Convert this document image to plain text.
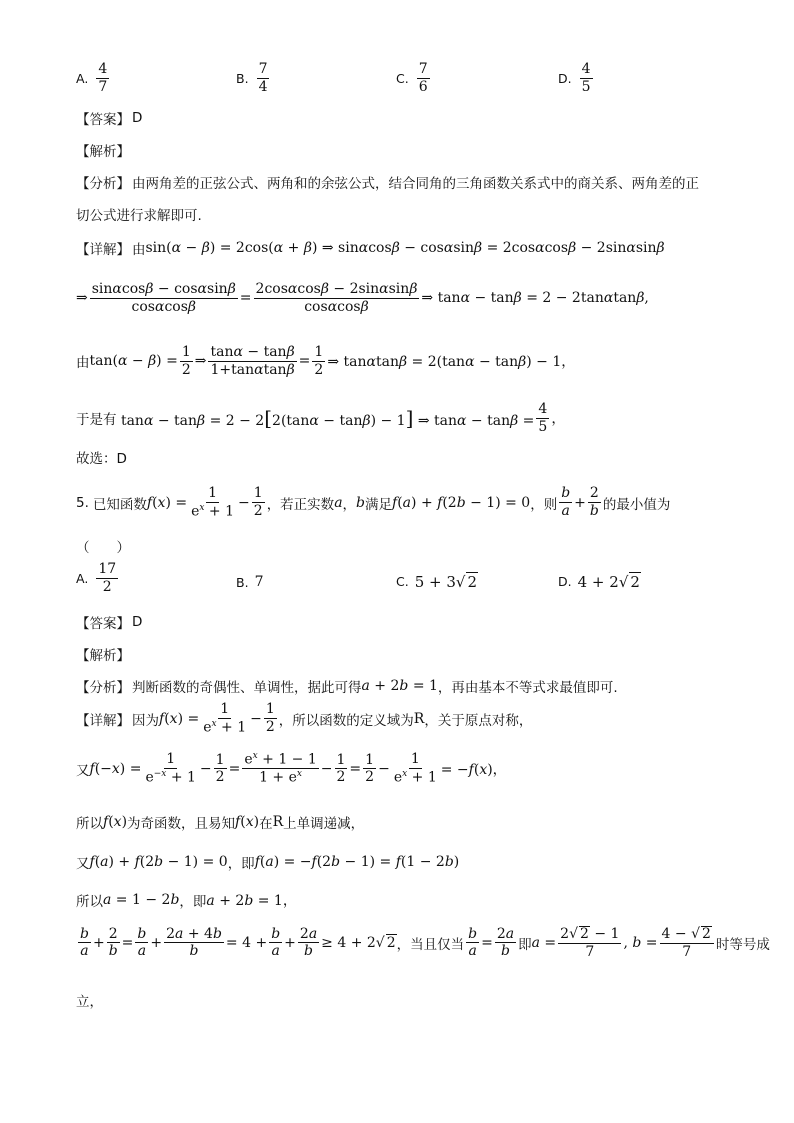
A. $\frac{4}{7}$	B. $\frac{7}{4}$	C. $\frac{7}{6}$	D. $\frac{4}{5}$
【答案】 D
【解析】
【分析】 由两角差的正弦公式、两角和的余弦公式，结合同角的三角函数关系式中的商关系、两角差的正
切公式进行求解即可.
【详解】 由 sin(α − β) = 2cos(α + β) ⇒ sinαcosβ − cosαsinβ = 2cosαcosβ − 2sinαsinβ
⇒ $\frac{\sin\alpha\cos\beta - \cos\alpha\sin\beta}{\cos\alpha\cos\beta} = \frac{2\cos\alpha\cos\beta - 2\sin\alpha\sin\beta}{\cos\alpha\cos\beta}$ ⇒ tanα − tanβ = 2 − 2tanαtanβ,
由 $\tan(\alpha - \beta) = \frac{1}{2}$ ⇒ $\frac{\tan\alpha - \tan\beta}{1+\tan\alpha\tan\beta} = \frac{1}{2}$ ⇒ tanαtanβ = 2(tanα − tanβ) − 1，
于是有 tanα − tanβ = 2 − 2[2(tanα − tanβ) − 1] ⇒ $\tan\alpha - \tan\beta = \frac{4}{5}$ ，
故选：D
5. 已知函数 $f(x) = \frac{1}{e^x + 1} - \frac{1}{2}$ ，若正实数 a ， b 满足 f(a) + f(2b − 1) = 0 ，则 $\frac{b}{a} + \frac{2}{b}$ 的最小值为
（　　）
A. $\frac{17}{2}$	B. 7	C. 5 + 3 √ 2	D. 4 + 2 √ 2
【答案】 D
【解析】
【分析】 判断函数的奇偶性、单调性，据此可得 a + 2b = 1 ，再由基本不等式求最值即可.
【详解】 因为 $f(x) = \frac{1}{e^x + 1} - \frac{1}{2}$ ，所以函数的定义域为 R ，关于原点对称，
又 $f(-x) = \frac{1}{e^{-x} + 1} - \frac{1}{2} = \frac{e^x + 1 - 1}{1 + e^x} - \frac{1}{2} = \frac{1}{2} - \frac{1}{e^x + 1} = -f(x)$，
所以 f(x) 为奇函数，且易知 f(x) 在 R 上单调递减，
又 f(a) + f(2b − 1) = 0 ，即 f(a) = −f(2b − 1) = f(1 − 2b)
所以 a = 1 − 2b ，即 a + 2b = 1，
$\frac{b}{a} + \frac{2}{b} = \frac{b}{a} + \frac{2a + 4b}{b} = 4 + \frac{b}{a} + \frac{2a}{b} \ge 4 + 2√$ 2 ，当且仅当 $\frac{b}{a} = \frac{2a}{b}$ 即 $a = \frac{2√ 2 - 1}{7}$ , $b = \frac{4 - √ 2}{7}$ 时等号成
立，
